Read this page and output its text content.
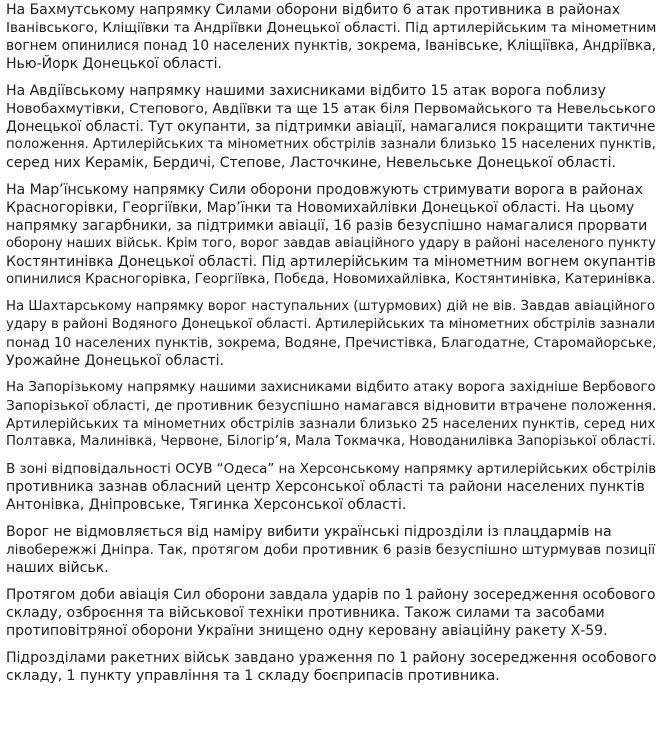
На Бахмутському напрямку Силами оборони відбито 6 атак противника в районах
Іванівського, Кліщіївки та Андріївки Донецької області. Під артилерійським та мінометним
вогнем опинилися понад 10 населених пунктів, зокрема, Іванівське, Кліщіївка, Андріївка,
Нью-Йорк Донецької області.

На Авдіївському напрямку нашими захисниками відбито 15 атак ворога поблизу
Новобахмутівки, Степового, Авдіївки та ще 15 атак біля Первомайського та Невельського
Донецької області. Тут окупанти, за підтримки авіації, намагалися покращити тактичне
положення. Артилерійських та мінометних обстрілів зазнали близько 15 населених пунктів,
серед них Керамік, Бердичі, Степове, Ласточкине, Невельське Донецької області.

На Мар’їнському напрямку Сили оборони продовжують стримувати ворога в районах
Красногорівки, Георгіївки, Мар’їнки та Новомихайлівки Донецької області. На цьому
напрямку загарбники, за підтримки авіації, 16 разів безуспішно намагалися прорвати
оборону наших військ. Крім того, ворог завдав авіаційного удару в районі населеного пункту
Костянтинівка Донецької області. Під артилерійським та мінометним вогнем окупантів
опинилися Красногорівка, Георгіївка, Побєда, Новомихайлівка, Костянтинівка, Катеринівка.

На Шахтарському напрямку ворог наступальних (штурмових) дій не вів. Завдав авіаційного
удару в районі Водяного Донецької області. Артилерійських та мінометних обстрілів зазнали
понад 10 населених пунктів, зокрема, Водяне, Пречистівка, Благодатне, Старомайорське,
Урожайне Донецької області.

На Запорізькому напрямку нашими захисниками відбито атаку ворога західніше Вербового
Запорізької області, де противник безуспішно намагався відновити втрачене положення.
Артилерійських та мінометних обстрілів зазнали близько 25 населених пунктів, серед них
Полтавка, Малинівка, Червоне, Білогір’я, Мала Токмачка, Новоданилівка Запорізької області.

В зоні відповідальності ОСУВ “Одеса” на Херсонському напрямку артилерійських обстрілів
противника зазнав обласний центр Херсонської області та райони населених пунктів
Антонівка, Дніпровське, Тягинка Херсонської області.

Ворог не відмовляється від наміру вибити українські підрозділи із плацдармів на
лівобережжі Дніпра. Так, протягом доби противник 6 разів безуспішно штурмував позиції
наших військ.

Протягом доби авіація Сил оборони завдала ударів по 1 району зосередження особового
складу, озброєння та військової техніки противника. Також силами та засобами
протиповітряної оборони України знищено одну керовану авіаційну ракету Х-59.

Підрозділами ракетних військ завдано ураження по 1 району зосередження особового
складу, 1 пункту управління та 1 складу боєприпасів противника.
